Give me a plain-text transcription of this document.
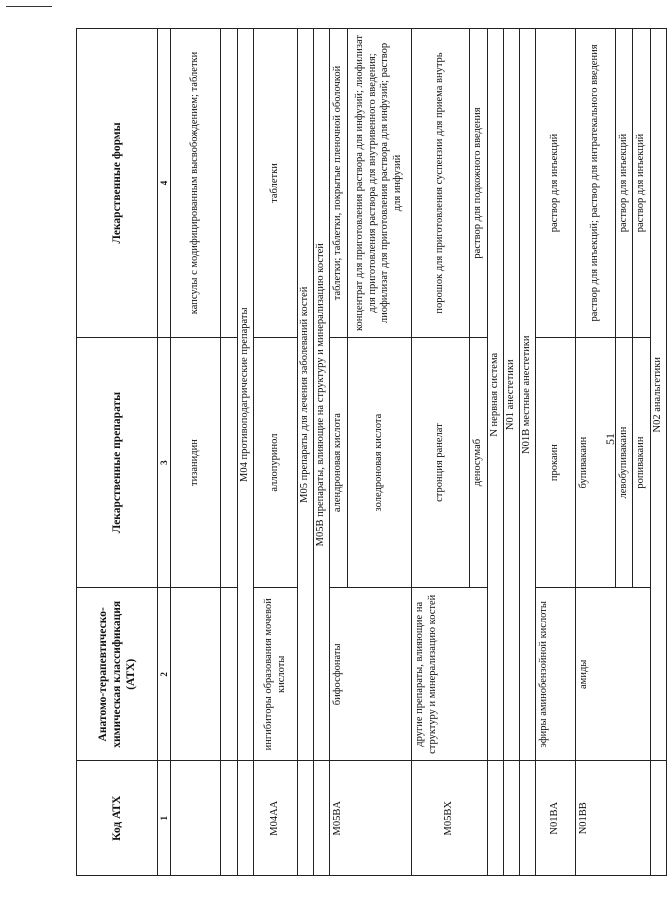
51
Код АТХ	Анатомо-терапевтическо-химическая классификация (АТХ)	Лекарственные препараты	Лекарственные формы
1	2	3	4
		тизанидин	капсулы с модифицированным высвобождением; таблетки

	M04 противоподагрические препараты		
M04AA	ингибиторы образования мочевой кислоты	аллопуринол	таблетки
	M05 препараты для лечения заболеваний костей		
	M05B препараты, влияющие на структуру и минерализацию костей		
M05BA	бифосфонаты	алендроновая кислота	таблетки; таблетки, покрытые пленочной оболочкой
		золедроновая кислота	концентрат для приготовления раствора для инфузий; лиофилизат для приготовления раствора для внутривенного введения; лиофилизат для приготовления раствора для инфузий; раствор для инфузий
M05BX	другие препараты, влияющие на структуру и минерализацию костей	стронция ранелат	порошок для приготовления суспензии для приема внутрь
		деносумаб	раствор для подкожного введения
	N нервная система		
	N01 анестетики		
	N01B местные анестетики		
N01BA	эфиры аминобензойной кислоты	прокаин	раствор для инъекций
N01BB	амиды	бупивакаин	раствор для инъекций; раствор для интратекального введения
		левобупивакаин	раствор для инъекций
		ропивакаин	раствор для инъекций
	N02 анальгетики		
